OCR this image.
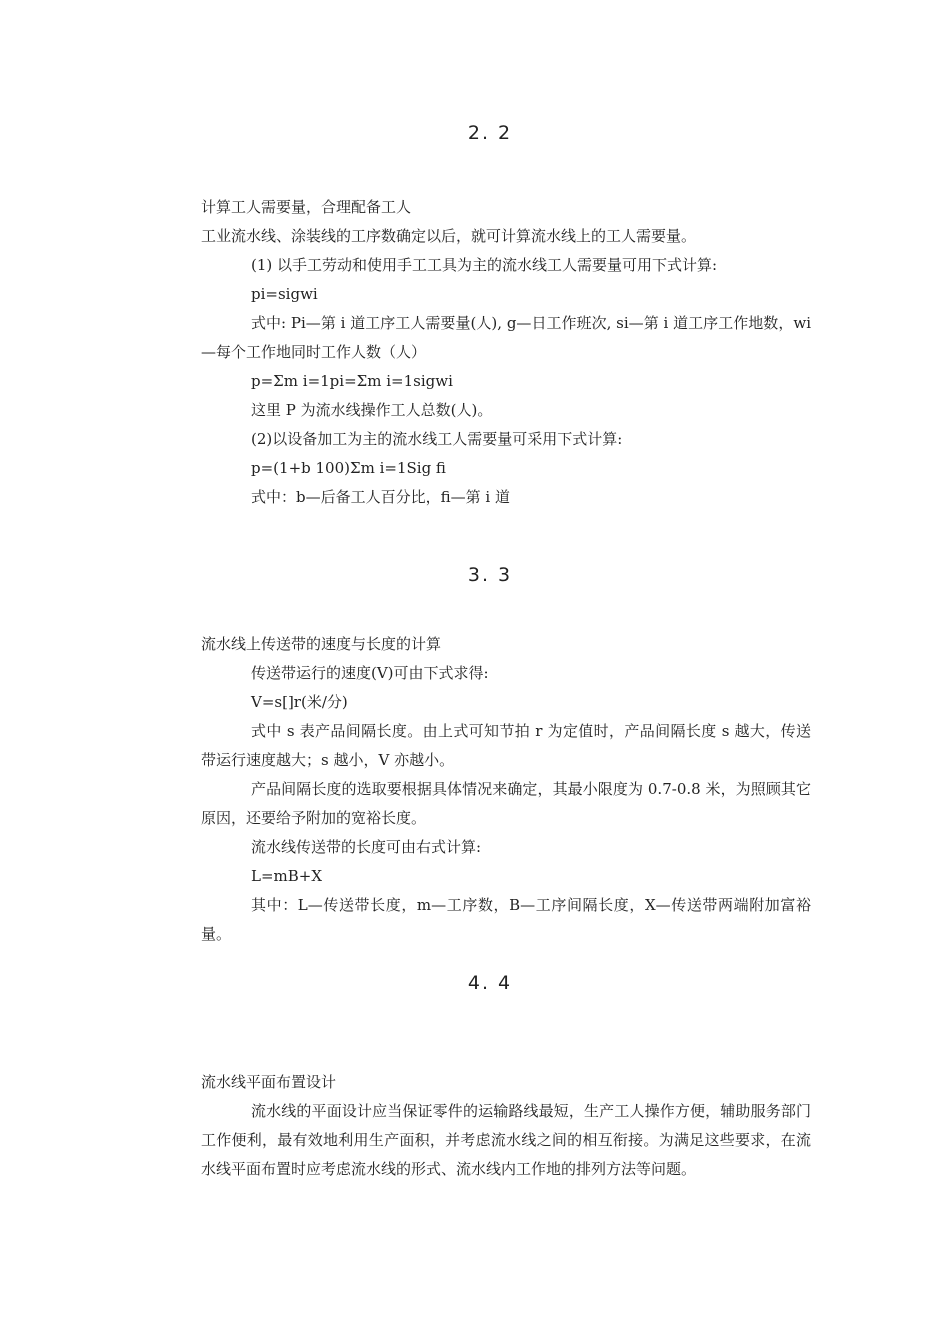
2. 2
计算工人需要量，合理配备工人
工业流水线、涂装线的工序数确定以后，就可计算流水线上的工人需要量。
(1) 以手工劳动和使用手工工具为主的流水线工人需要量可用下式计算:
pi=sigwi
式中: Pi—第 i 道工序工人需要量(人), g—日工作班次, si—第 i 道工序工作地数，wi—每个工作地同时工作人数（人）
p=Σm i=1pi=Σm i=1sigwi
这里 P 为流水线操作工人总数(人)。
(2)以设备加工为主的流水线工人需要量可采用下式计算:
p=(1+b 100)Σm i=1Sig fi
式中：b—后备工人百分比，fi—第 i 道
3. 3
流水线上传送带的速度与长度的计算
传送带运行的速度(V)可由下式求得:
V=s[]r(米/分)
式中 s 表产品间隔长度。由上式可知节拍 r 为定值时，产品间隔长度 s 越大，传送带运行速度越大；s 越小，V 亦越小。
产品间隔长度的选取要根据具体情况来确定，其最小限度为 0.7-0.8 米，为照顾其它原因，还要给予附加的宽裕长度。
流水线传送带的长度可由右式计算:
L=mB+X
其中：L—传送带长度，m—工序数，B—工序间隔长度，X—传送带两端附加富裕量。
4. 4
流水线平面布置设计
流水线的平面设计应当保证零件的运输路线最短，生产工人操作方便，辅助服务部门工作便利，最有效地利用生产面积，并考虑流水线之间的相互衔接。为满足这些要求，在流水线平面布置时应考虑流水线的形式、流水线内工作地的排列方法等问题。
